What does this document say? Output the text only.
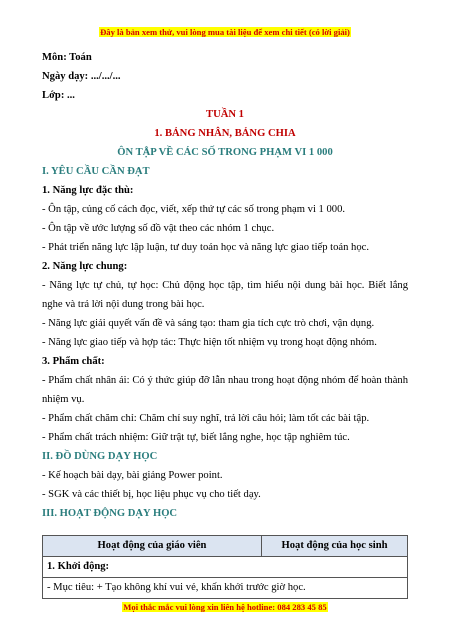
Đây là bản xem thử, vui lòng mua tài liệu để xem chi tiết (có lời giải)

Môn: Toán

Ngày dạy: .../.../...

Lớp: ...

TUẦN 1

1. BẢNG NHÂN, BẢNG CHIA

ÔN TẬP VỀ CÁC SỐ TRONG PHẠM VI 1 000

I. YÊU CẦU CẦN ĐẠT

1. Năng lực đặc thù:

- Ôn tập, củng cố cách đọc, viết, xếp thứ tự các số trong phạm vi 1 000.

- Ôn tập về ước lượng số đồ vật theo các nhóm 1 chục.

- Phát triển năng lực lập luận, tư duy toán học và năng lực giao tiếp toán học.

2. Năng lực chung:

- Năng lực tự chủ, tự học: Chủ động học tập, tìm hiểu nội dung bài học. Biết lắng nghe và trả lời nội dung trong bài học.

- Năng lực giải quyết vấn đề và sáng tạo: tham gia tích cực trò chơi, vận dụng.

- Năng lực giao tiếp và hợp tác: Thực hiện tốt nhiệm vụ trong hoạt động nhóm.

3. Phẩm chất:

- Phẩm chất nhân ái: Có ý thức giúp đỡ lẫn nhau trong hoạt động nhóm để hoàn thành nhiệm vụ.

- Phẩm chất chăm chỉ: Chăm chỉ suy nghĩ, trả lời câu hỏi; làm tốt các bài tập.

- Phẩm chất trách nhiệm: Giữ trật tự, biết lắng nghe, học tập nghiêm túc.

II. ĐỒ DÙNG DẠY HỌC

- Kế hoạch bài dạy, bài giảng Power point.

- SGK và các thiết bị, học liệu phục vụ cho tiết dạy.

III. HOẠT ĐỘNG DẠY HỌC

Hoạt động của giáo viên	Hoạt động của học sinh
1. Khởi động:
- Mục tiêu: + Tạo không khí vui vẻ, khấn khởi trước giờ học.
Mọi thắc mắc vui lòng xin liên hệ hotline: 084 283 45 85
